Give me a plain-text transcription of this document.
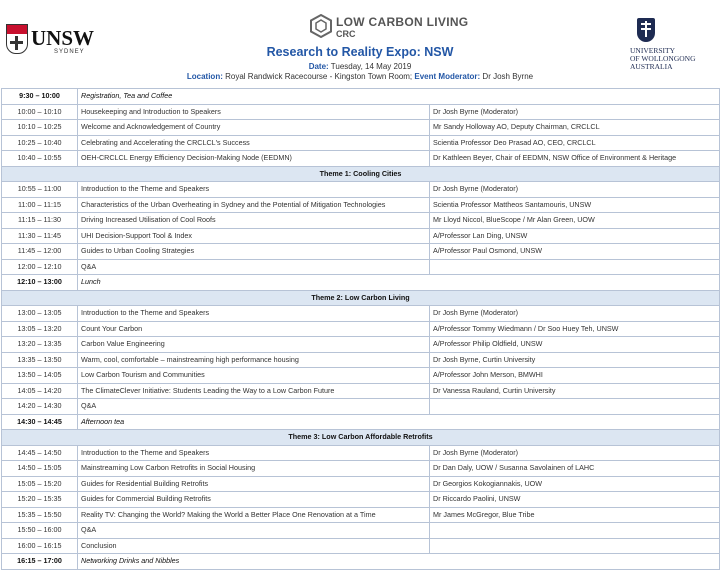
UNSW
SYDNEY
LOW CARBON LIVING
CRC
Research to Reality Expo: NSW
Date: Tuesday, 14 May 2019
Location: Royal Randwick Racecourse - Kingston Town Room; Event Moderator: Dr Josh Byrne
UNIVERSITY
OF WOLLONGONG
AUSTRALIA
9:30 – 10:00	Registration, Tea and Coffee	
10:00 – 10:10	Housekeeping and Introduction to Speakers	Dr Josh Byrne (Moderator)
10:10 – 10:25	Welcome and Acknowledgement of Country	Mr Sandy Holloway AO, Deputy Chairman, CRCLCL
10:25 – 10:40	Celebrating and Accelerating the CRCLCL's Success	Scientia Professor Deo Prasad AO, CEO, CRCLCL
10:40 – 10:55	OEH-CRCLCL Energy Efficiency Decision-Making Node (EEDMN)	Dr Kathleen Beyer, Chair of EEDMN, NSW Office of Environment & Heritage
Theme 1: Cooling Cities		
10:55 – 11:00	Introduction to the Theme and Speakers	Dr Josh Byrne (Moderator)
11:00 – 11:15	Characteristics of the Urban Overheating in Sydney and the Potential of Mitigation Technologies	Scientia Professor Mattheos Santamouris, UNSW
11:15 – 11:30	Driving Increased Utilisation of Cool Roofs	Mr Lloyd Niccol, BlueScope / Mr Alan Green, UOW
11:30 – 11:45	UHI Decision-Support Tool & Index	A/Professor Lan Ding, UNSW
11:45 – 12:00	Guides to Urban Cooling Strategies	A/Professor Paul Osmond, UNSW
12:00 – 12:10	Q&A	
12:10 – 13:00	Lunch	
Theme 2: Low Carbon Living		
13:00 – 13:05	Introduction to the Theme and Speakers	Dr Josh Byrne (Moderator)
13:05 – 13:20	Count Your Carbon	A/Professor Tommy Wiedmann / Dr Soo Huey Teh, UNSW
13:20 – 13:35	Carbon Value Engineering	A/Professor Philip Oldfield, UNSW
13:35 – 13:50	Warm, cool, comfortable – mainstreaming high performance housing	Dr Josh Byrne, Curtin University
13:50 – 14:05	Low Carbon Tourism and Communities	A/Professor John Merson, BMWHI
14:05 – 14:20	The ClimateClever Initiative: Students Leading the Way to a Low Carbon Future	Dr Vanessa Rauland, Curtin University
14:20 – 14:30	Q&A	
14:30 – 14:45	Afternoon tea	
Theme 3: Low Carbon Affordable Retrofits		
14:45 – 14:50	Introduction to the Theme and Speakers	Dr Josh Byrne (Moderator)
14:50 – 15:05	Mainstreaming Low Carbon Retrofits in Social Housing	Dr Dan Daly, UOW / Susanna Savolainen of LAHC
15:05 – 15:20	Guides for Residential Building Retrofits	Dr Georgios Kokogiannakis, UOW
15:20 – 15:35	Guides for Commercial Building Retrofits	Dr Riccardo Paolini, UNSW
15:35 – 15:50	Reality TV: Changing the World? Making the World a Better Place One Renovation at a Time	Mr James McGregor, Blue Tribe
15:50 – 16:00	Q&A	
16:00 – 16:15	Conclusion	
16:15 – 17:00	Networking Drinks and Nibbles	
